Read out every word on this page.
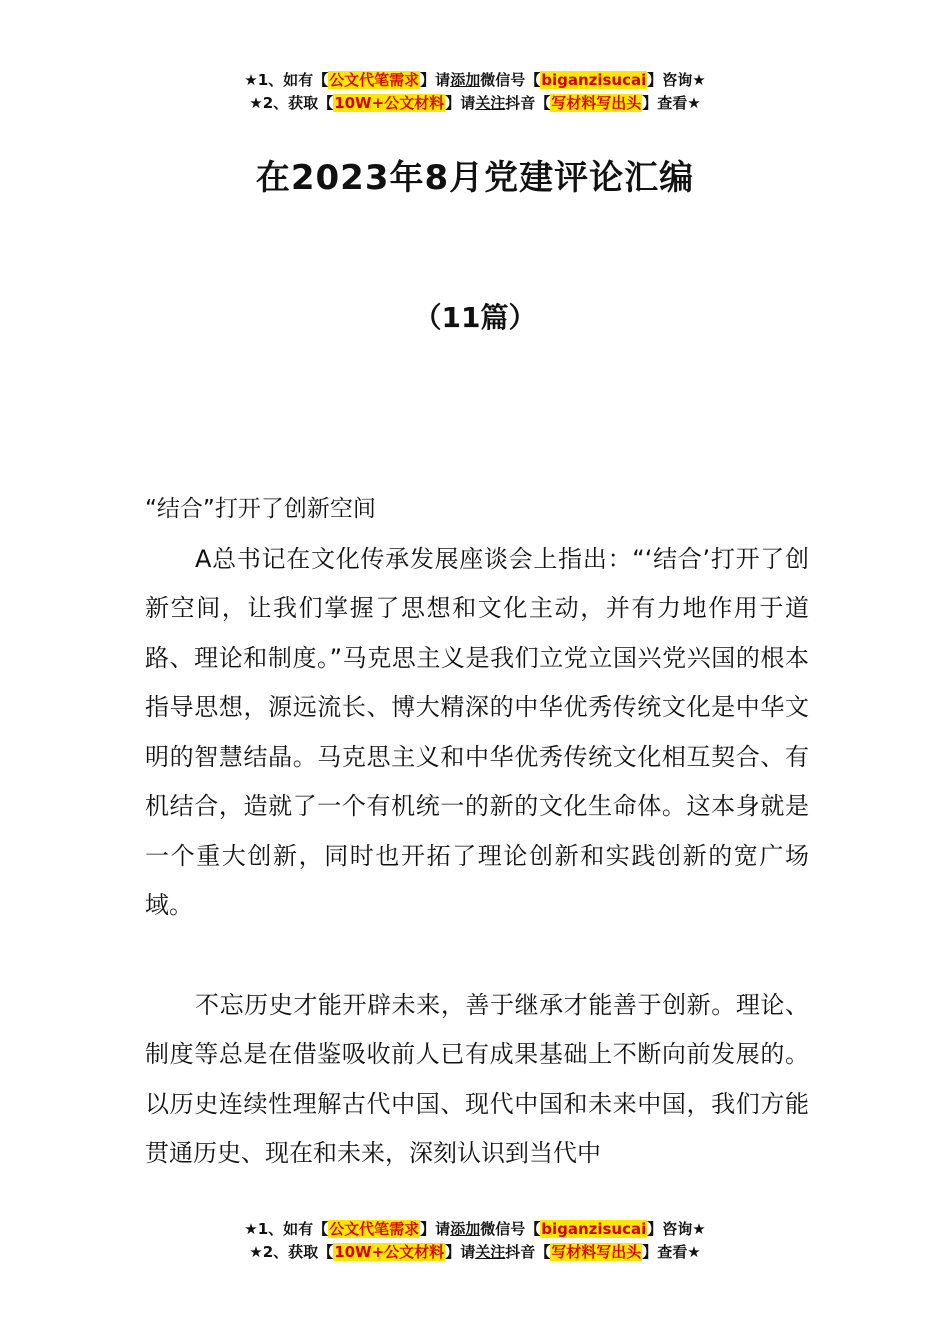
★1、如有【公文代笔需求】请添加微信号【biganzisucai】咨询★
★2、获取【10W+公文材料】请关注抖音【写材料写出头】查看★
在2023年8月党建评论汇编
（11篇）

“结合”打开了创新空间

A总书记在文化传承发展座谈会上指出：“‘结合’打开了创新空间，让我们掌握了思想和文化主动，并有力地作用于道路、理论和制度。”马克思主义是我们立党立国兴党兴国的根本指导思想，源远流长、博大精深的中华优秀传统文化是中华文明的智慧结晶。马克思主义和中华优秀传统文化相互契合、有机结合，造就了一个有机统一的新的文化生命体。这本身就是一个重大创新，同时也开拓了理论创新和实践创新的宽广场域。

不忘历史才能开辟未来，善于继承才能善于创新。理论、制度等总是在借鉴吸收前人已有成果基础上不断向前发展的。以历史连续性理解古代中国、现代中国和未来中国，我们方能贯通历史、现在和未来，深刻认识到当代中

★1、如有【公文代笔需求】请添加微信号【biganzisucai】咨询★
★2、获取【10W+公文材料】请关注抖音【写材料写出头】查看★
